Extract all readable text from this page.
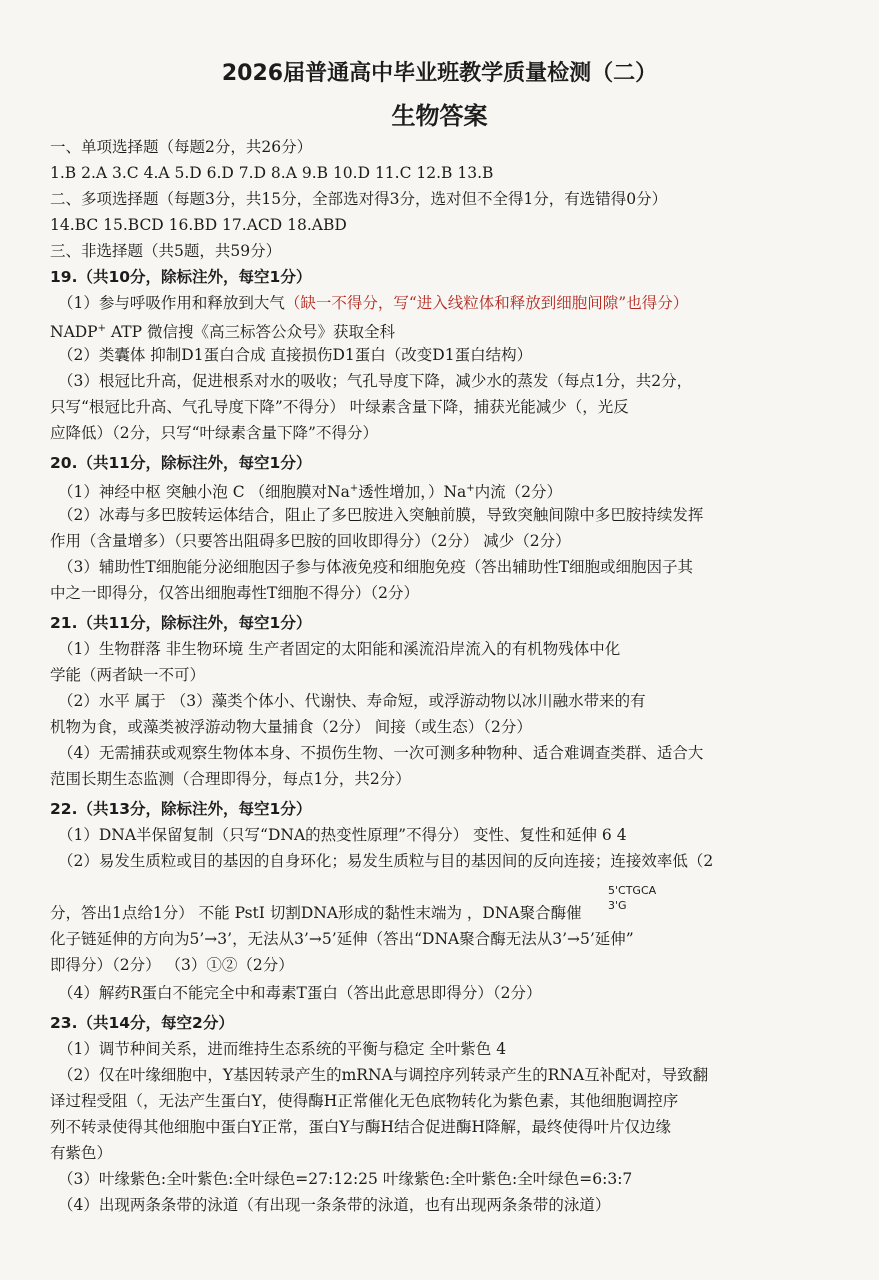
2026届普通高中毕业班教学质量检测（二）
生物答案
一、单项选择题（每题2分，共26分）
1.B 2.A 3.C 4.A 5.D 6.D 7.D 8.A 9.B 10.D 11.C 12.B 13.B
二、多项选择题（每题3分，共15分，全部选对得3分，选对但不全得1分，有选错得0分）
14.BC 15.BCD 16.BD 17.ACD 18.ABD
三、非选择题（共5题，共59分）
19.（共10分，除标注外，每空1分）
（1）参与呼吸作用和释放到大气（缺一不得分，写“进入线粒体和释放到细胞间隙”也得分）
NADP+ ATP 微信搜《高三标答公众号》获取全科
（2）类囊体 抑制D1蛋白合成 直接损伤D1蛋白（改变D1蛋白结构）
（3）根冠比升高，促进根系对水的吸收；气孔导度下降，减少水的蒸发（每点1分，共2分，
只写“根冠比升高、气孔导度下降”不得分） 叶绿素含量下降，捕获光能减少（，光反
应降低）（2分，只写“叶绿素含量下降”不得分）
20.（共11分，除标注外，每空1分）
（1）神经中枢 突触小泡 C （细胞膜对Na+透性增加，）Na+内流（2分）
（2）冰毒与多巴胺转运体结合，阻止了多巴胺进入突触前膜，导致突触间隙中多巴胺持续发挥
作用（含量增多）（只要答出阻碍多巴胺的回收即得分）（2分） 减少（2分）
（3）辅助性T细胞能分泌细胞因子参与体液免疫和细胞免疫（答出辅助性T细胞或细胞因子其
中之一即得分，仅答出细胞毒性T细胞不得分）（2分）
21.（共11分，除标注外，每空1分）
（1）生物群落 非生物环境 生产者固定的太阳能和溪流沿岸流入的有机物残体中化
学能（两者缺一不可）
（2）水平 属于 （3）藻类个体小、代谢快、寿命短，或浮游动物以冰川融水带来的有
机物为食，或藻类被浮游动物大量捕食（2分） 间接（或生态）（2分）
（4）无需捕获或观察生物体本身、不损伤生物、一次可测多种物种、适合难调查类群、适合大
范围长期生态监测（合理即得分，每点1分，共2分）
22.（共13分，除标注外，每空1分）
（1）DNA半保留复制（只写“DNA的热变性原理”不得分） 变性、复性和延伸 6 4
（2）易发生质粒或目的基因的自身环化；易发生质粒与目的基因间的反向连接；连接效率低（2
5'CTGCA
3'G
分，答出1点给1分） 不能 PstI 切割DNA形成的黏性末端为 ，DNA聚合酶催
化子链延伸的方向为5’→3’，无法从3’→5’延伸（答出“DNA聚合酶无法从3’→5’延伸”
即得分）（2分） （3）①②（2分）
（4）解药R蛋白不能完全中和毒素T蛋白（答出此意思即得分）（2分）
23.（共14分，每空2分）
（1）调节种间关系，进而维持生态系统的平衡与稳定 全叶紫色 4
（2）仅在叶缘细胞中，Y基因转录产生的mRNA与调控序列转录产生的RNA互补配对，导致翻
译过程受阻（，无法产生蛋白Y，使得酶H正常催化无色底物转化为紫色素，其他细胞调控序
列不转录使得其他细胞中蛋白Y正常，蛋白Y与酶H结合促进酶H降解，最终使得叶片仅边缘
有紫色）
（3）叶缘紫色:全叶紫色:全叶绿色=27:12:25 叶缘紫色:全叶紫色:全叶绿色=6:3:7
（4）出现两条条带的泳道（有出现一条条带的泳道，也有出现两条条带的泳道）
